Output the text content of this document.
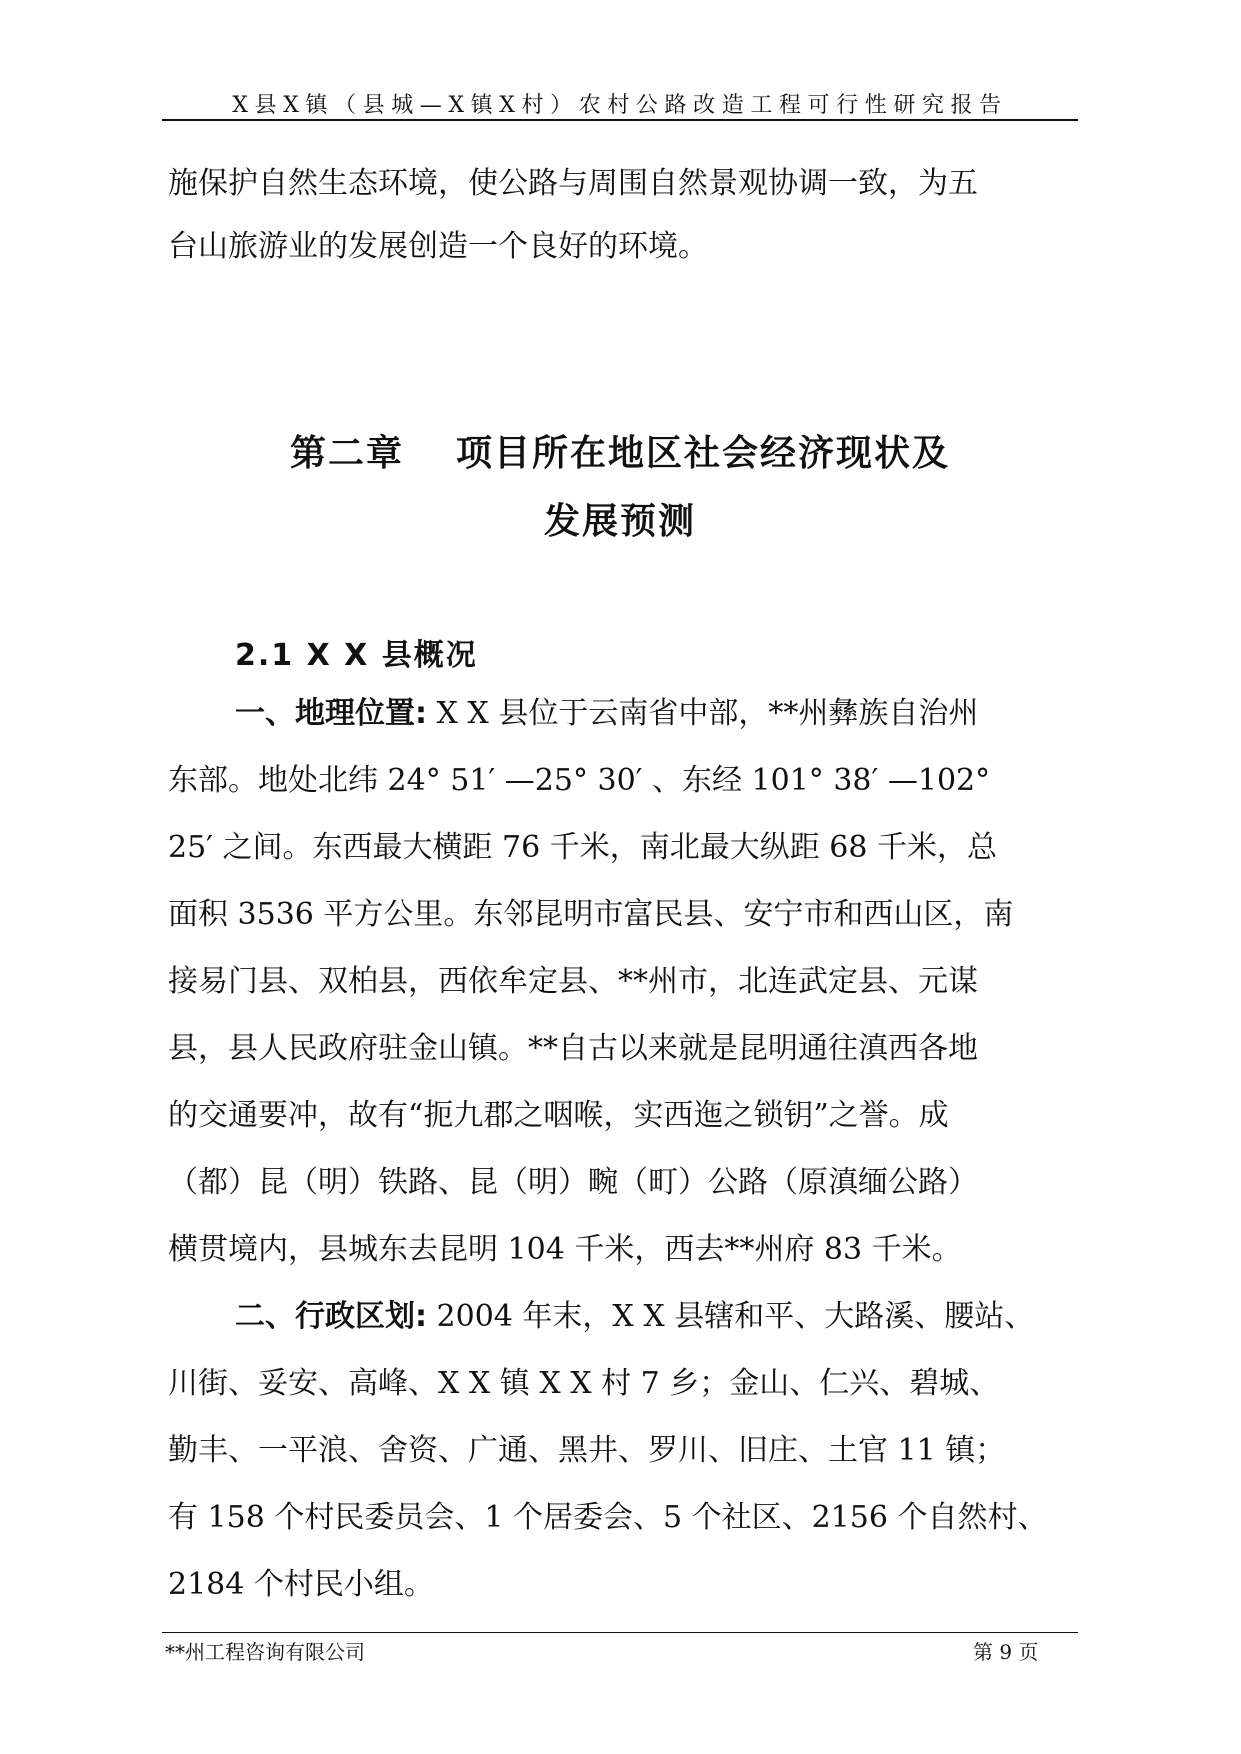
X县X镇（县城—X镇X村）农村公路改造工程可行性研究报告
施保护自然生态环境，使公路与周围自然景观协调一致，为五
台山旅游业的发展创造一个良好的环境。
第二章 项目所在地区社会经济现状及
发展预测
2.1 X X 县概况
一、地理位置: X X 县位于云南省中部，**州彝族自治州
东部。地处北纬 24° 51′ —25° 30′ 、东经 101° 38′ —102°
25′ 之间。东西最大横距 76 千米，南北最大纵距 68 千米，总
面积 3536 平方公里。东邻昆明市富民县、安宁市和西山区，南
接易门县、双柏县，西依牟定县、**州市，北连武定县、元谋
县，县人民政府驻金山镇。**自古以来就是昆明通往滇西各地
的交通要冲，故有“扼九郡之咽喉，实西迤之锁钥”之誉。成
（都）昆（明）铁路、昆（明）畹（町）公路（原滇缅公路）
横贯境内，县城东去昆明 104 千米，西去**州府 83 千米。
二、行政区划: 2004 年末，X X 县辖和平、大路溪、腰站、
川街、妥安、高峰、X X 镇 X X 村 7 乡；金山、仁兴、碧城、
勤丰、一平浪、舍资、广通、黑井、罗川、旧庄、土官 11 镇；
有 158 个村民委员会、1 个居委会、5 个社区、2156 个自然村、
2184 个村民小组。
**州工程咨询有限公司	第 9 页
